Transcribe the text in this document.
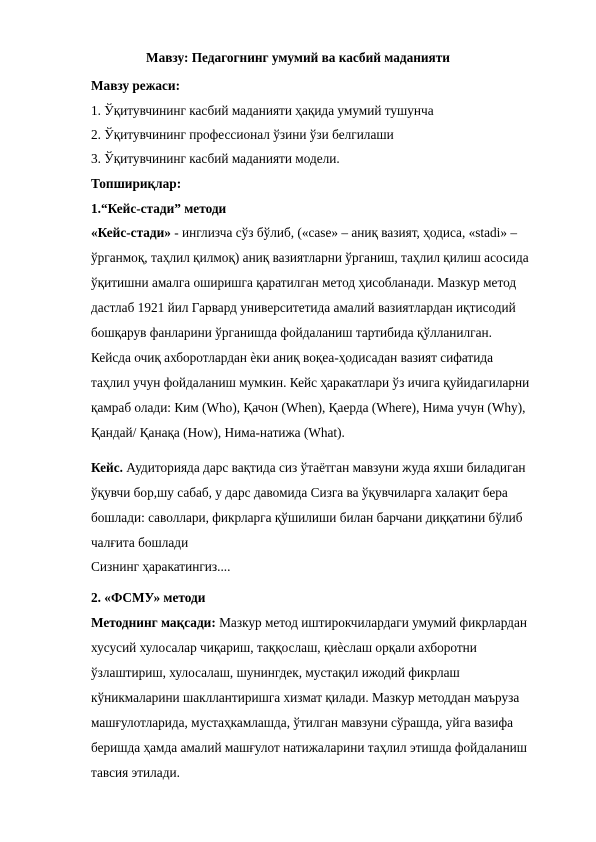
Мавзу: Педагогнинг умумий ва касбий маданияти
Мавзу режаси:
1. Ўқитувчининг касбий маданияти ҳақида умумий тушунча
2. Ўқитувчининг профессионал ўзини ўзи белгилаши
3. Ўқитувчининг касбий маданияти модели.
Топшириқлар:
1.“Кейс-стади” методи
«Кейс-стади» - инглизча сўз бўлиб, («case» – аниқ вазият, ҳодиса, «stadi» –
ўрганмоқ, таҳлил қилмоқ) аниқ вазиятларни ўрганиш, таҳлил қилиш асосида
ўқитишни амалга оширишга қаратилган метод ҳисобланади. Мазкур метод
дастлаб 1921 йил Гарвард университетида амалий вазиятлардан иқтисодий
бошқарув фанларини ўрганишда фойдаланиш тартибида қўлланилган.
Кейсда очиқ ахборотлардан ѐки аниқ воқеа-ҳодисадан вазият сифатида
таҳлил учун фойдаланиш мумкин. Кейс ҳаракатлари ўз ичига қуйидагиларни
қамраб олади: Ким (Who), Қачон (When), Қаерда (Where), Нима учун (Why),
Қандай/ Қанақа (How), Нима-натижа (What).
Кейс. Аудиторияда дарс вақтида сиз ўтаётган мавзуни жуда яхши биладиган
ўқувчи бор,шу сабаб, у дарс давомида Сизга ва ўқувчиларга халақит бера
бошлади: саволлари, фикрларга қўшилиши билан барчани диққатини бўлиб
чалғита бошлади
Сизнинг ҳаракатингиз....
2. «ФСМУ» методи
Методнинг мақсади: Мазкур метод иштирокчилардаги умумий фикрлардан
хусусий хулосалар чиқариш, таққослаш, қиѐслаш орқали ахборотни
ўзлаштириш, хулосалаш, шунингдек, мустақил ижодий фикрлаш
кўникмаларини шакллантиришга хизмат қилади. Мазкур методдан маъруза
машғулотларида, мустаҳкамлашда, ўтилган мавзуни сўрашда, уйга вазифа
беришда ҳамда амалий машғулот натижаларини таҳлил этишда фойдаланиш
тавсия этилади.
